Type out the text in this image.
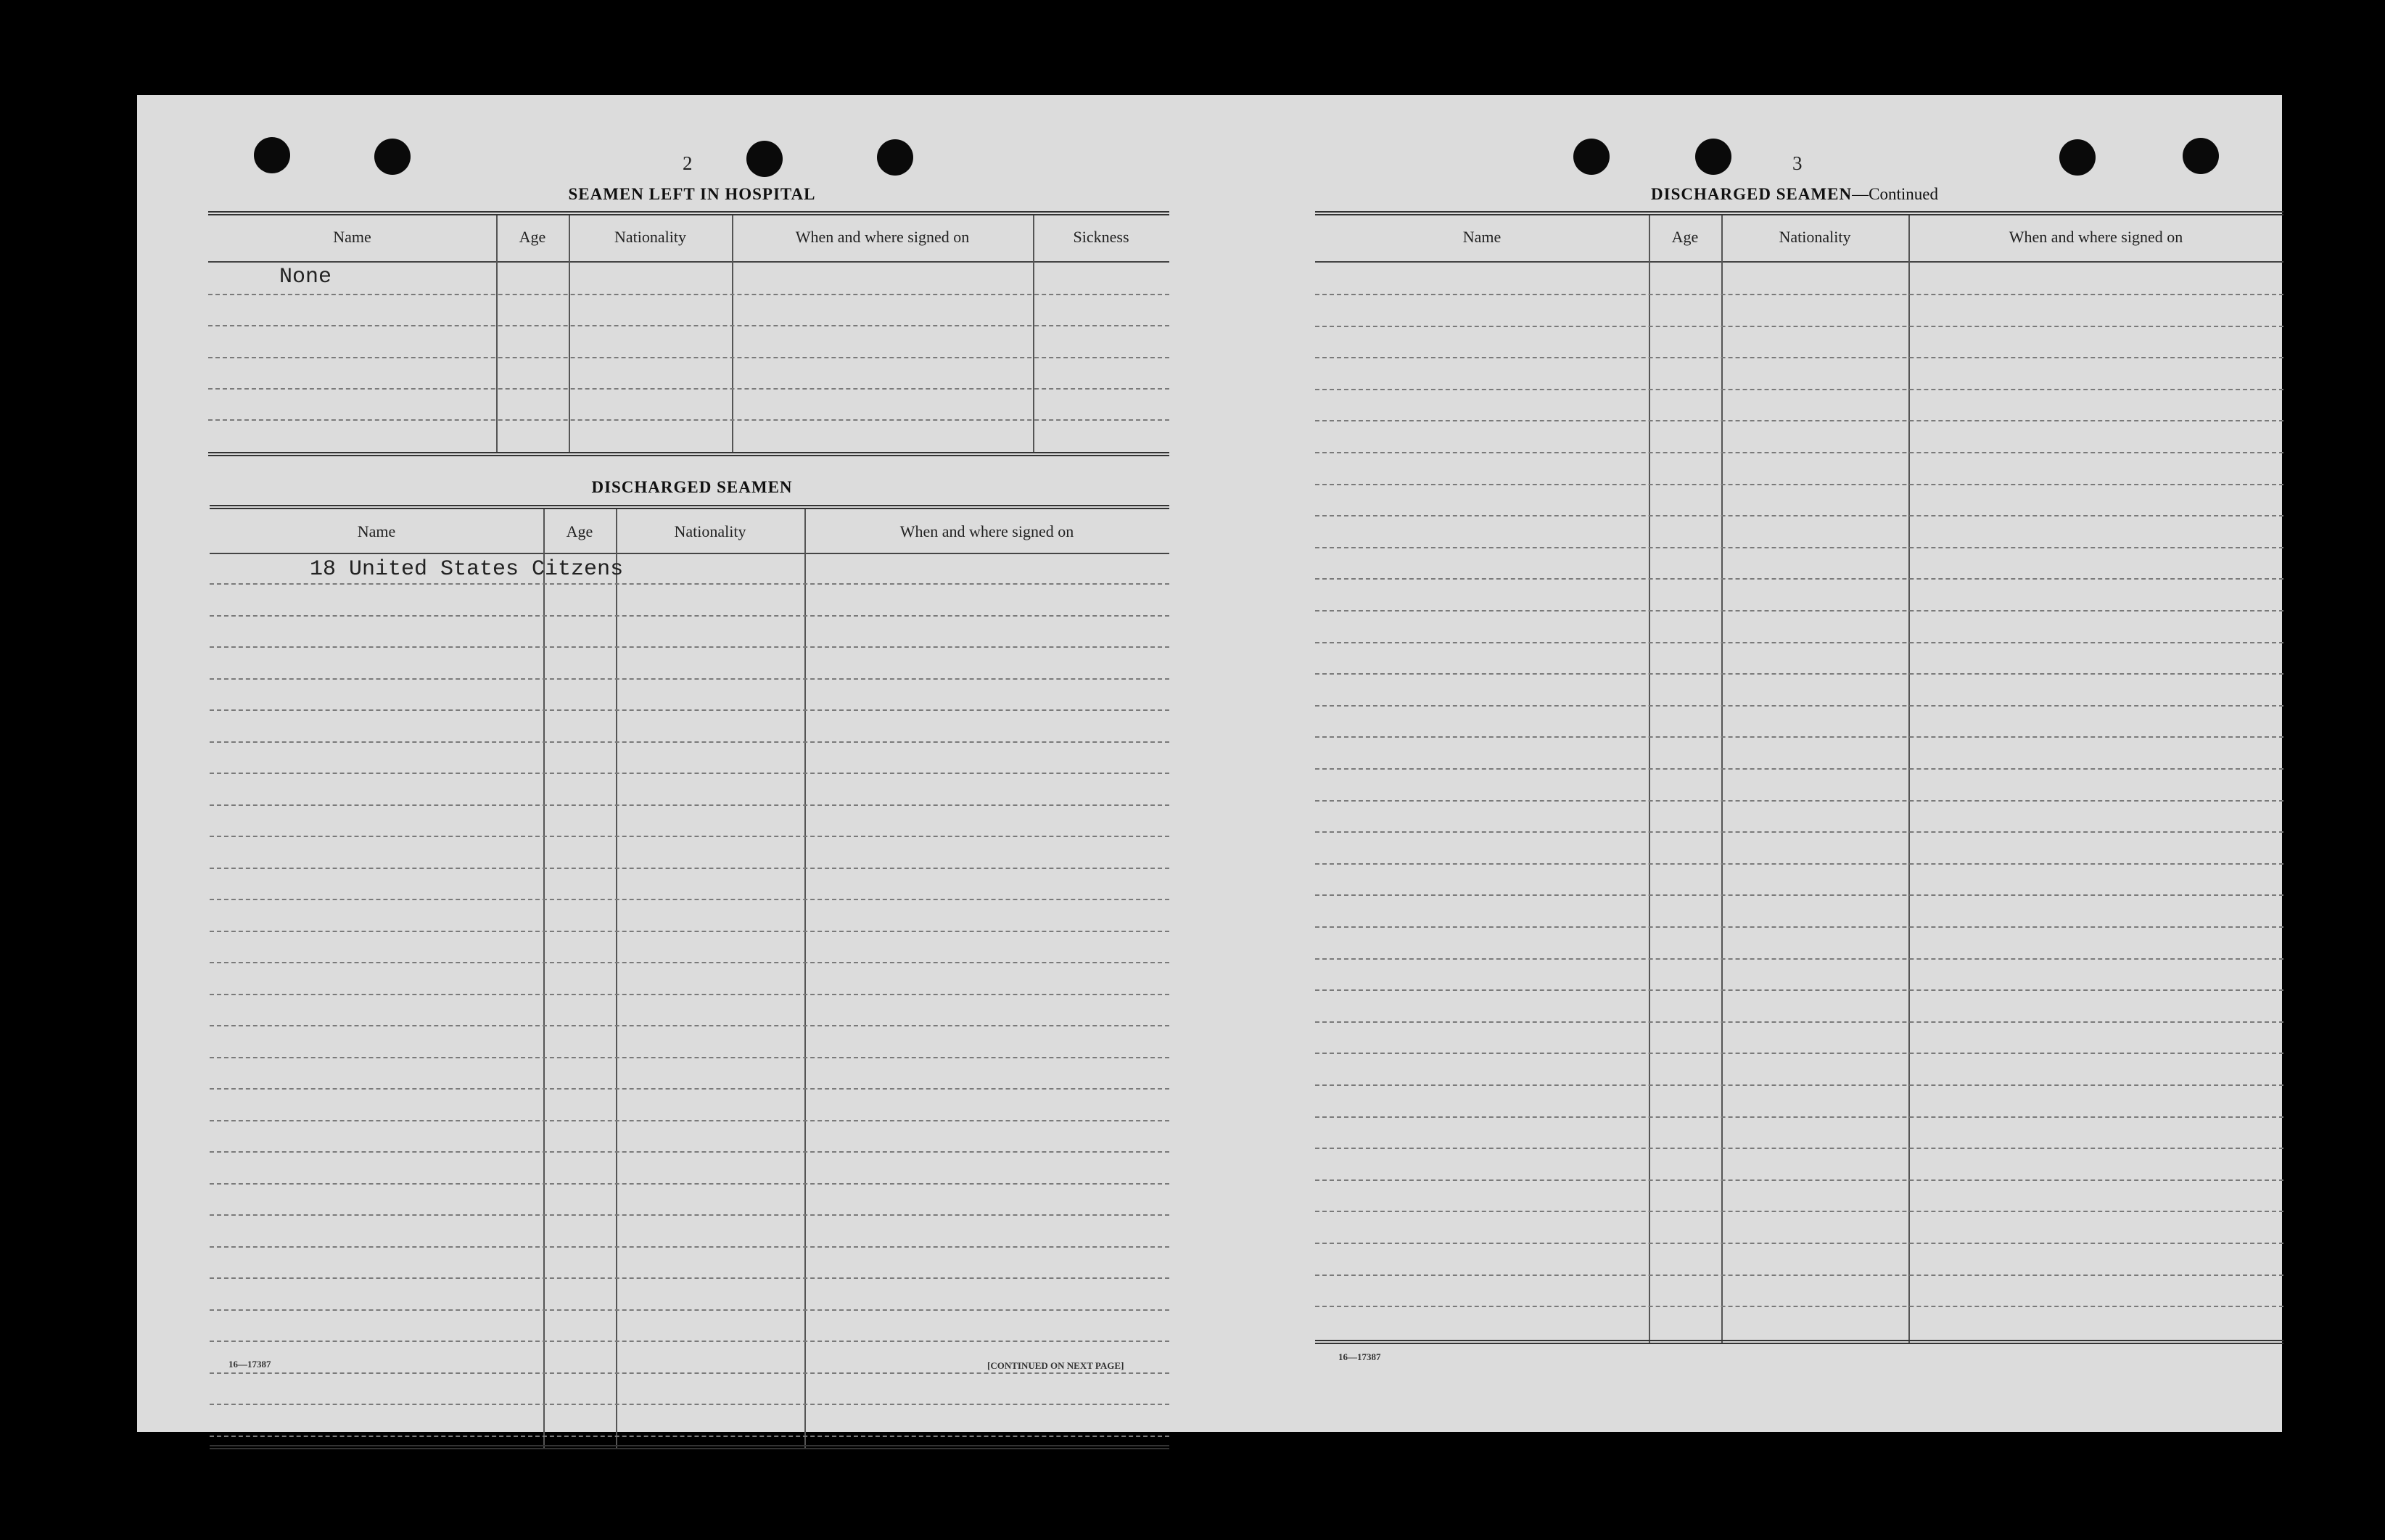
2
SEAMEN LEFT IN HOSPITAL
Name	Age	Nationality	When and where signed on	Sickness
None
DISCHARGED SEAMEN
Name	Age	Nationality	When and where signed on
18 United States Citzens
16—17387	[CONTINUED ON NEXT PAGE]
3
DISCHARGED SEAMEN—Continued
Name	Age	Nationality	When and where signed on
16—17387
